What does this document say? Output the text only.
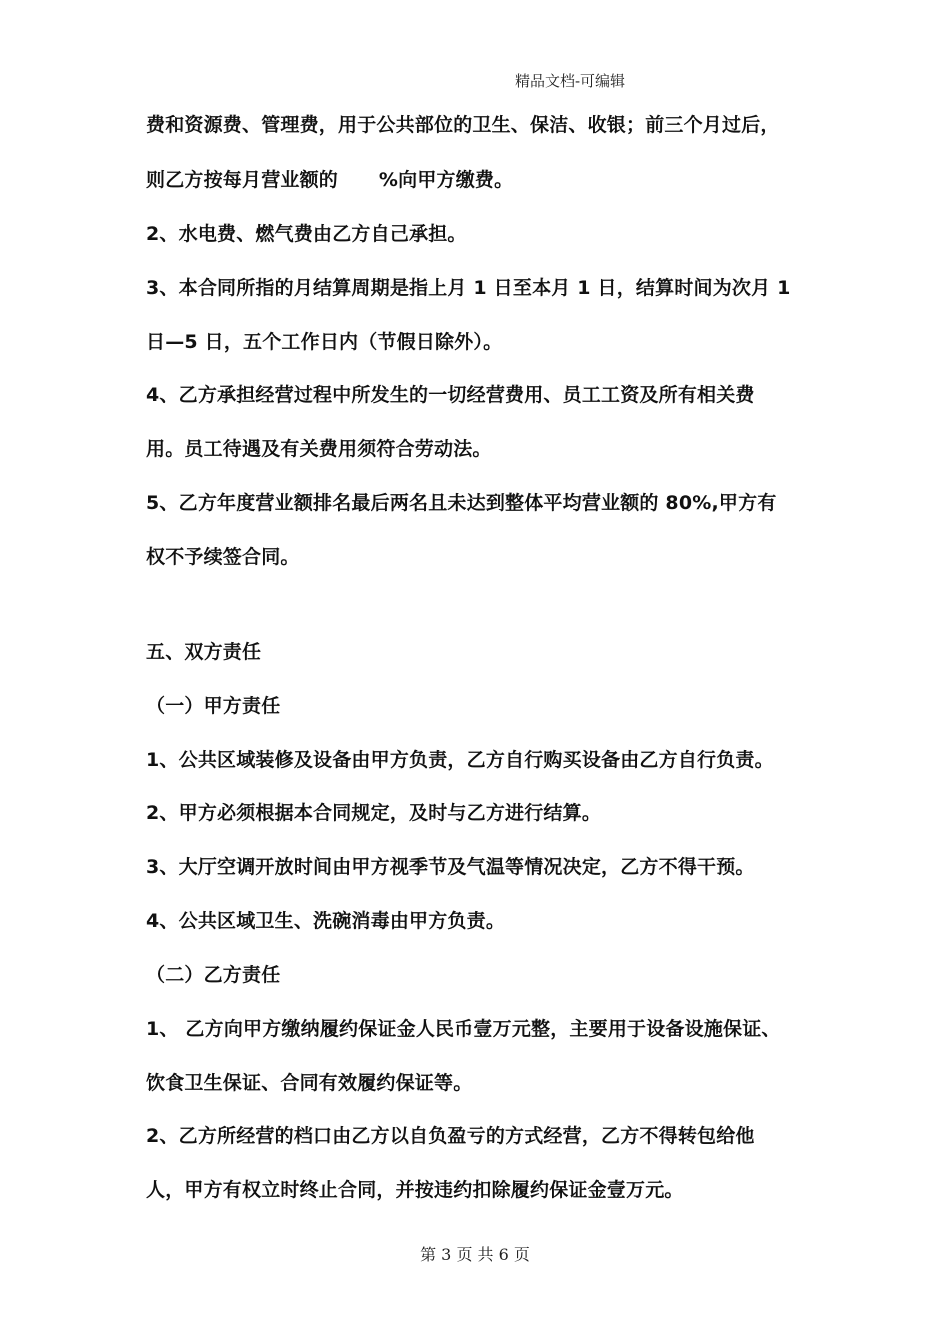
精品文档-可编辑
费和资源费、管理费，用于公共部位的卫生、保洁、收银；前三个月过后，
则乙方按每月营业额的      %向甲方缴费。
2、水电费、燃气费由乙方自己承担。
3、本合同所指的月结算周期是指上月 1 日至本月 1 日，结算时间为次月 1
日—5 日，五个工作日内（节假日除外）。
4、乙方承担经营过程中所发生的一切经营费用、员工工资及所有相关费
用。员工待遇及有关费用须符合劳动法。
5、乙方年度营业额排名最后两名且未达到整体平均营业额的 80%,甲方有
权不予续签合同。
五、双方责任
（一）甲方责任
1、公共区域装修及设备由甲方负责，乙方自行购买设备由乙方自行负责。
2、甲方必须根据本合同规定，及时与乙方进行结算。
3、大厅空调开放时间由甲方视季节及气温等情况决定，乙方不得干预。
4、公共区域卫生、洗碗消毒由甲方负责。
（二）乙方责任
1、 乙方向甲方缴纳履约保证金人民币壹万元整，主要用于设备设施保证、
饮食卫生保证、合同有效履约保证等。
2、乙方所经营的档口由乙方以自负盈亏的方式经营，乙方不得转包给他
人，甲方有权立时终止合同，并按违约扣除履约保证金壹万元。
第 3 页 共 6 页
